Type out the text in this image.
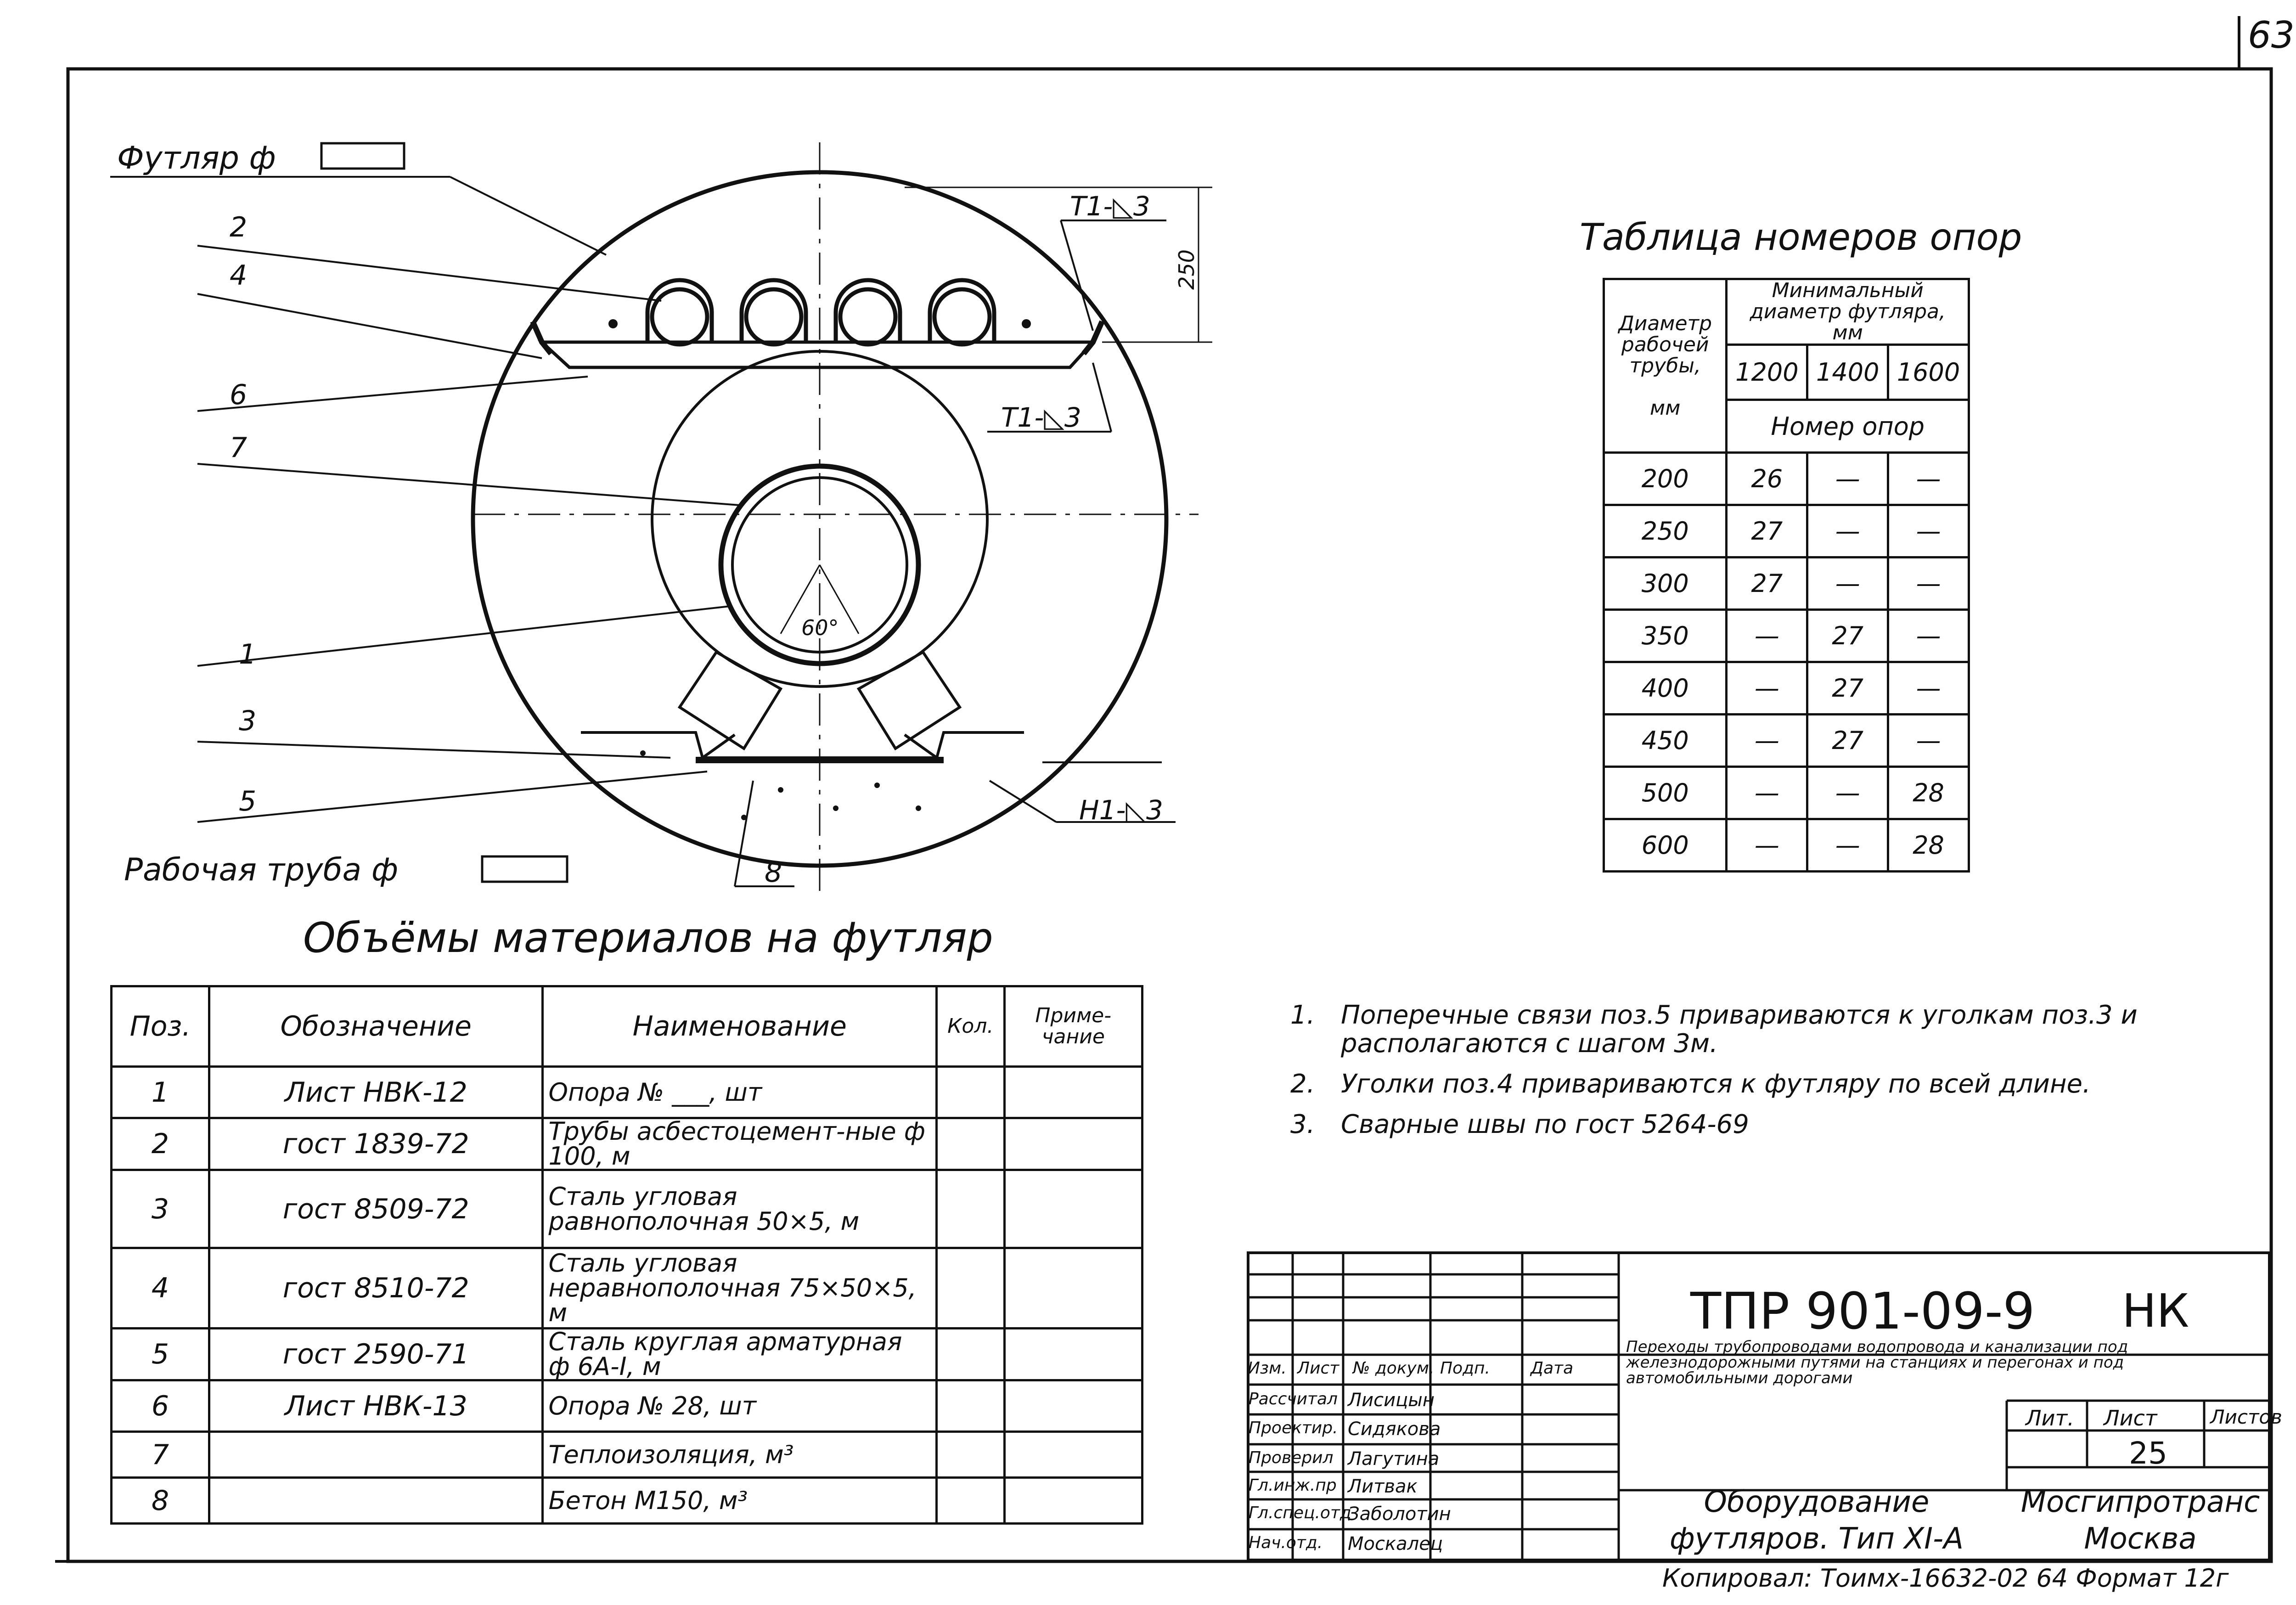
63
Футляр ф
Рабочая труба ф
2
4
6
7
1
3
5
8
T1-◺3
T1-◺3
H1-◺3
250
60°
Таблица номеров опор
Диаметр рабочей трубы,

мм	Минимальный диаметр футляра, мм		
	1200	1400	1600
	Номер опор		
200	26	—	—
250	27	—	—
300	27	—	—
350	—	27	—
400	—	27	—
450	—	27	—
500	—	—	28
600	—	—	28
Объёмы материалов на футляр
Поз.	Обозначение	Наименование	Кол.	Приме-чание
1	Лист НВК-12	Опора № ___, шт		
2	гост 1839-72	Трубы асбестоцемент-ные ф 100, м		
3	гост 8509-72	Сталь угловая равнополочная 50×5, м		
4	гост 8510-72	Сталь угловая неравнополочная 75×50×5, м		
5	гост 2590-71	Сталь круглая арматурная ф 6А-I, м		
6	Лист НВК-13	Опора № 28, шт		
7		Теплоизоляция, м³		
8		Бетон М150, м³		
1.	Поперечные связи поз.5 привариваются к уголкам поз.3 и располагаются с шагом 3м.
2.	Уголки поз.4 привариваются к футляру по всей длине.
3.	Сварные швы по гост 5264-69
Изм. Лист № докум. Подп. Дата
Рассчитал Лисицын
Проектир. Сидякова
Проверил Лагутина
Гл.инж.пр Литвак
Гл.спец.отд
Заболотин
Нач.отд. Москалец
ТПР 901-09-9 НК
Переходы трубопроводами водопровода и канализации под железнодорожными путями на станциях и перегонах и под автомобильными дорогами
Лит. Лист	Листов
25
Оборудование футляров. Тип XI-А
Мосгипротранс Москва
Копировал: Тоимх-16632-02 64 Формат 12г
